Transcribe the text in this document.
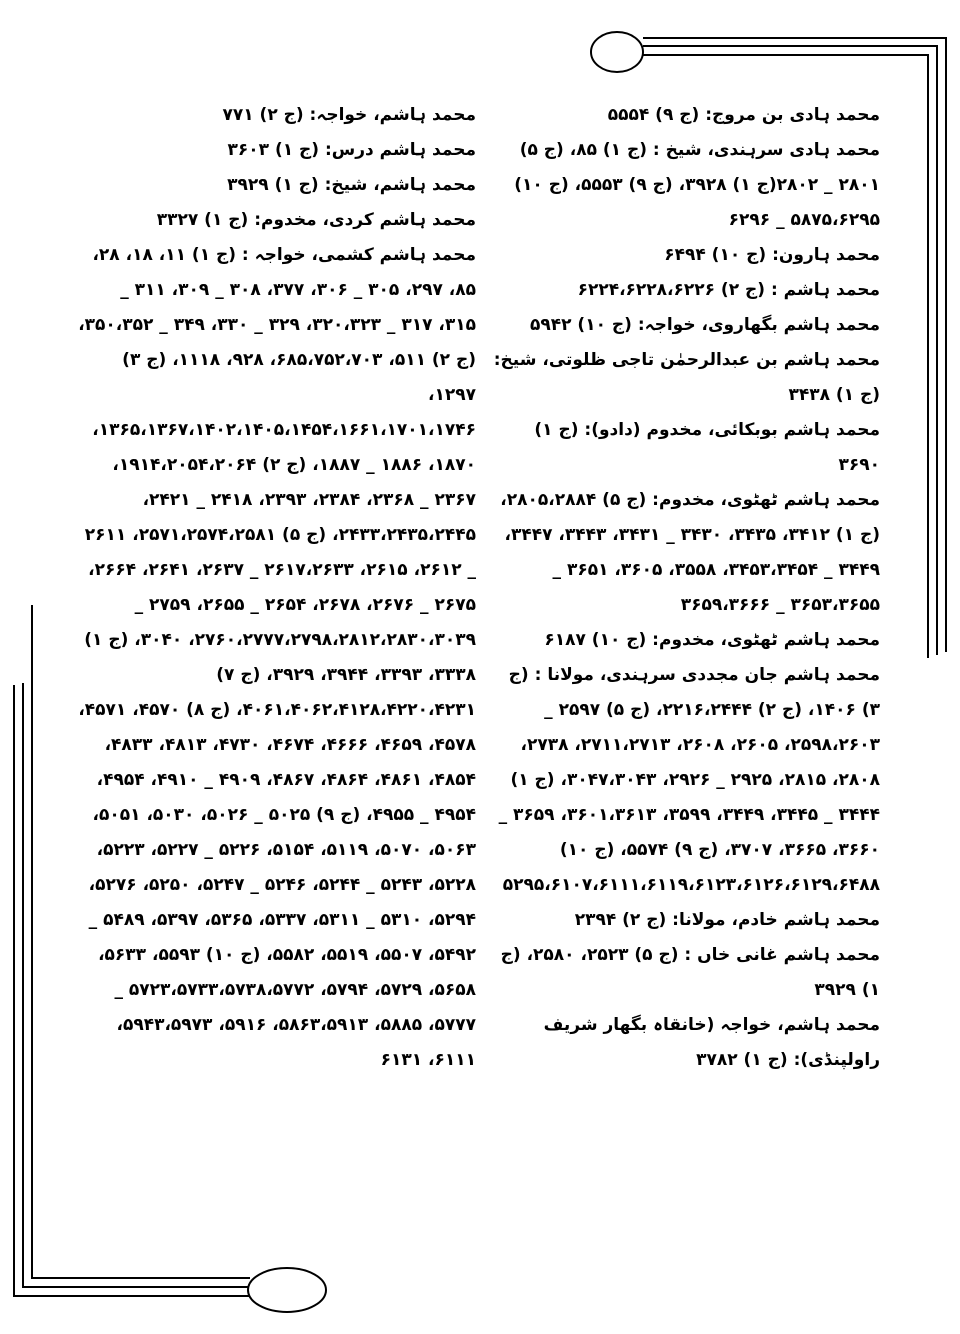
محمد ہادی بن مروج: (ج ۹) ۵۵۵۴
محمد ہادی سرہندی، شیخ : (ج ۱) ۸۵، (ج ۵) ۲۸۰۱ _ ۲۸۰۲(ج ۱) ۳۹۲۸، (ج ۹) ۵۵۵۳، (ج ۱۰) ۵۸۷۵،۶۲۹۵ _ ۶۲۹۶
محمد ہارون: (ج ۱۰) ۶۴۹۴
محمد ہاشم : (ج ۲) ۶۲۲۴،۶۲۲۸،۶۲۲۶
محمد ہاشم بگھاروی، خواجہ: (ج ۱۰) ۵۹۴۲
محمد ہاشم بن عبدالرحمٰن تاجی ظلوتی، شیخ: (ج ۱) ۳۴۳۸
محمد ہاشم بوبکائی، مخدوم (دادو): (ج ۱) ۳۶۹۰
محمد ہاشم ٹھٹوی، مخدوم: (ج ۵) ۲۸۰۵،۲۸۸۴، (ج ۱) ۳۴۱۲، ۳۴۳۵، ۳۴۳۰ _ ۳۴۳۱، ۳۴۴۳، ۳۴۴۷، ۳۴۴۹ _ ۳۴۵۳،۳۴۵۴، ۳۵۵۸، ۳۶۰۵، ۳۶۵۱ _ ۳۶۵۳،۳۶۵۵ _ ۳۶۵۹،۳۶۶۶
محمد ہاشم ٹھٹوی، مخدوم: (ج ۱۰) ۶۱۸۷
محمد ہاشم جان مجددی سرہندی، مولانا : (ج ۳) ۱۴۰۶، (ج ۲) ۲۲۱۶،۲۴۴۴، (ج ۵) ۲۵۹۷ _ ۲۵۹۸،۲۶۰۳، ۲۶۰۵، ۲۶۰۸، ۲۷۱۱،۲۷۱۳، ۲۷۳۸، ۲۸۰۸، ۲۸۱۵، ۲۹۲۵ _ ۲۹۲۶، ۳۰۴۷،۳۰۴۳، (ج ۱) ۳۴۴۴ _ ۳۴۴۵، ۳۴۴۹، ۳۵۹۹، ۳۶۰۱،۳۶۱۳، ۳۶۵۹ _ ۳۶۶۰، ۳۶۶۵، ۳۷۰۷، (ج ۹) ۵۵۷۴، (ج ۱۰) ۵۲۹۵،۶۱۰۷،۶۱۱۱،۶۱۱۹،۶۱۲۳،۶۱۲۶،۶۱۲۹،۶۴۸۸
محمد ہاشم خادم، مولانا: (ج ۲) ۲۳۹۴
محمد ہاشم غانی خاں : (ج ۵) ۲۵۲۳، ۲۵۸۰، (ج ۱) ۳۹۲۹
محمد ہاشم، خواجہ (خانقاہ بگھار شریف راولپنڈی): (ج ۱) ۳۷۸۲
محمد ہاشم، خواجہ: (ج ۲) ۷۷۱
محمد ہاشم درس: (ج ۱) ۳۶۰۳
محمد ہاشم، شیخ: (ج ۱) ۳۹۲۹
محمد ہاشم کردی، مخدوم: (ج ۱) ۳۳۲۷
محمد ہاشم کشمی، خواجہ : (ج ۱) ۱۱، ۱۸، ۲۸، ۸۵، ۲۹۷، ۳۰۵ _ ۳۰۶، ۳۷۷، ۳۰۸ _ ۳۰۹، ۳۱۱ _ ۳۱۵، ۳۱۷ _ ۳۲۰،۳۲۳، ۳۲۹ _ ۳۳۰، ۳۴۹ _ ۳۵۰،۳۵۲، (ج ۲) ۵۱۱، ۶۸۵،۷۵۲،۷۰۳، ۹۲۸، ۱۱۱۸، (ج ۳) ۱۲۹۷، ۱۳۶۵،۱۳۶۷،۱۴۰۲،۱۴۰۵،۱۴۵۴،۱۶۶۱،۱۷۰۱،۱۷۴۶، ۱۸۷۰، ۱۸۸۶ _ ۱۸۸۷، (ج ۲) ۱۹۱۴،۲۰۵۴،۲۰۶۴، ۲۳۶۷ _ ۲۳۶۸، ۲۳۸۴، ۲۳۹۳، ۲۴۱۸ _ ۲۴۲۱، ۲۴۳۳،۲۴۳۵،۲۴۴۵، (ج ۵) ۲۵۷۱،۲۵۷۴،۲۵۸۱، ۲۶۱۱ _ ۲۶۱۲، ۲۶۱۵، ۲۶۱۷،۲۶۳۳ _ ۲۶۳۷، ۲۶۴۱، ۲۶۶۴، ۲۶۷۵ _ ۲۶۷۶، ۲۶۷۸، ۲۶۵۴ _ ۲۶۵۵، ۲۷۵۹ _ ۲۷۶۰،۲۷۷۷،۲۷۹۸،۲۸۱۲،۲۸۳۰،۳۰۳۹، ۳۰۴۰، (ج ۱) ۳۳۳۸، ۳۳۹۳، ۳۹۴۴، ۳۹۲۹، (ج ۷) ۴۰۶۱،۴۰۶۲،۴۱۲۸،۴۲۲۰،۴۲۳۱، (ج ۸) ۴۵۷۰، ۴۵۷۱، ۴۵۷۸، ۴۶۵۹، ۴۶۶۶، ۴۶۷۴، ۴۷۳۰، ۴۸۱۳، ۴۸۳۳، ۴۸۵۴، ۴۸۶۱، ۴۸۶۴، ۴۸۶۷، ۴۹۰۹ _ ۴۹۱۰، ۴۹۵۴، ۴۹۵۴ _ ۴۹۵۵، (ج ۹) ۵۰۲۵ _ ۵۰۲۶، ۵۰۳۰، ۵۰۵۱، ۵۰۶۳، ۵۰۷۰، ۵۱۱۹، ۵۱۵۴، ۵۲۲۶ _ ۵۲۲۷، ۵۲۲۳، ۵۲۲۸، ۵۲۴۳ _ ۵۲۴۴، ۵۲۴۶ _ ۵۲۴۷، ۵۲۵۰، ۵۲۷۶، ۵۲۹۴، ۵۳۱۰ _ ۵۳۱۱، ۵۳۳۷، ۵۳۶۵، ۵۳۹۷، ۵۴۸۹ _ ۵۴۹۲، ۵۵۰۷، ۵۵۱۹، ۵۵۸۲، (ج ۱۰) ۵۵۹۳، ۵۶۳۳، ۵۶۵۸، ۵۷۲۹، ۵۷۹۴، ۵۷۲۳،۵۷۳۳،۵۷۳۸،۵۷۷۲ _ ۵۷۷۷، ۵۸۸۵، ۵۸۶۳،۵۹۱۳، ۵۹۱۶، ۵۹۴۳،۵۹۷۳، ۶۱۱۱، ۶۱۳۱
